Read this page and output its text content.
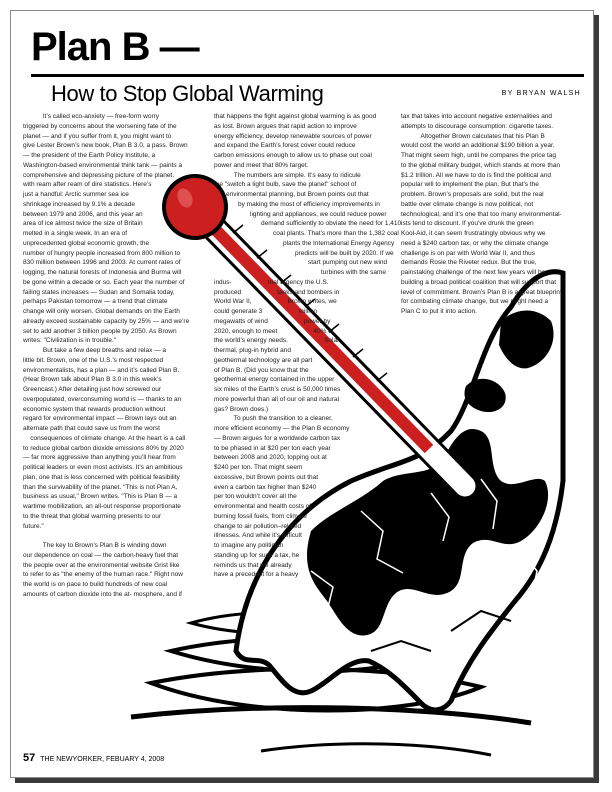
Plan B —
How to Stop Global Warming	BY BRYAN WALSH
It’s called eco-anxiety — free-form worry
triggered by concerns about the worsening fate of the
planet — and if you suffer from it, you might want to
give Lester Brown’s new book, Plan B 3.0, a pass. Brown
— the president of the Earth Policy Institute, a
Washington-based environmental think tank — paints a
comprehensive and depressing picture of the planet,
with ream after ream of dire statistics. Here’s
just a handful: Arctic summer sea ice
shrinkage increased by 9.1% a decade
between 1979 and 2006, and this year an
area of ice almost twice the size of Britain
melted in a single week. In an era of
unprecedented global economic growth, the
number of hungry people increased from 800 million to
830 million between 1996 and 2003. At current rates of
logging, the natural forests of Indonesia and Burma will
be gone within a decade or so. Each year the number of
failing states increases — Sudan and Somalia today,
perhaps Pakistan tomorrow — a trend that climate
change will only worsen. Global demands on the Earth
already exceed sustainable capacity by 25% — and we’re
set to add another 3 billion people by 2050. As Brown
writes: "Civilization is in trouble."
But take a few deep breaths and relax — a
little bit. Brown, one of the U.S.’s most respected
environmentalists, has a plan — and it’s called Plan B.
(Hear Brown talk about Plan B 3.0 in this week’s
Greencast.) After detailing just how screwed our
overpopulated, overconsuming world is — thanks to an
economic system that rewards production without
regard for environmental impact — Brown lays out an
alternate path that could save us from the worst
consequences of climate change. At the heart is a call
to reduce global carbon dioxide emissions 80% by 2020
— far more aggressive than anything you’ll hear from
political leaders or even most activists. It’s an ambitious
plan, one that is less concerned with political feasibility
than the survivability of the planet. "This is not Plan A,
business as usual," Brown writes. "This is Plan B — a
wartime mobilization, an all-out response proportionate
to the threat that global warming presents to our
future."
The key to Brown’s Plan B is winding down
our dependence on coal — the carbon-heavy fuel that
the people over at the environmental website Grist like
to refer to as "the enemy of the human race." Right now
the world is on pace to build hundreds of new coal
amounts of carbon dioxide into the at- mosphere, and if
that happens the fight against global warming is as good
as lost. Brown argues that rapid action to improve
energy efficiency, develop renewable sources of power
and expand the Earth’s forest cover could reduce
carbon emissions enough to allow us to phase out coal
power and meet that 80% target.
The numbers are simple. It’s easy to ridicule
the "switch a light bulb, save the planet" school of
environmental planning, but Brown points out that
by making the most of efficiency improvements in
lighting and appliances, we could reduce power
demand sufficiently to obviate the need for 1,410
coal plants. That’s more than the 1,382 coal
plants the International Energy Agency
predicts will be built by 2020. If we
start pumping out new wind
turbines with the same
indus-                    trial urgency the U.S.
produced                    tanks and bombers in
World War II,                    Brown writes, we
could generate 3                    million
megawatts of wind                    power by
2020, enough to meet                    40% of
the world’s energy needs.                    Solar
thermal, plug-in hybrid and
geothermal technology are all part
of Plan B. (Did you know that the
geothermal energy contained in the upper
six miles of the Earth’s crust is 50,000 times
more powerful than all of our oil and natural
gas? Brown does.)
To push the transition to a cleaner,
more efficient economy — the Plan B economy
— Brown argues for a worldwide carbon tax
to be phased in at $20 per ton each year
between 2008 and 2020, topping out at
$240 per ton. That might seem
excessive, but Brown points out that
even a carbon tax higher than $240
per ton wouldn’t cover all the
environmental and health costs of
burning fossil fuels, from climate
change to air pollution–related
illnesses. And while it’s difficult
to imagine any politician
standing up for such a tax, he
reminds us that we already
have a precedent for a heavy
tax that takes into account negative externalities and
attempts to discourage consumption: cigarette taxes.
Altogether Brown calculates that his Plan B
would cost the world an additional $190 billion a year.
That might seem high, until he compares the price tag
to the global military budget, which stands at more than
$1.2 trillion. All we have to do is find the political and
popular will to implement the plan. But that’s the
problem. Brown’s proposals are solid, but the real
battle over climate change is now political, not
technological, and it’s one that too many environmental-
ists tend to discount. If you’ve drunk the green
Kool-Aid, it can seem frustratingly obvious why we
need a $240 carbon tax, or why the climate change
challenge is on par with World War II, and thus
demands Rosie the Riveter redux. But the true,
painstaking challenge of the next few years will be
building a broad political coalition that will support that
level of commitment. Brown’s Plan B is a great blueprint
for combating climate change, but we might need a
Plan C to put it into action.
57 THE NEWYORKER, FEBUARY 4, 2008
